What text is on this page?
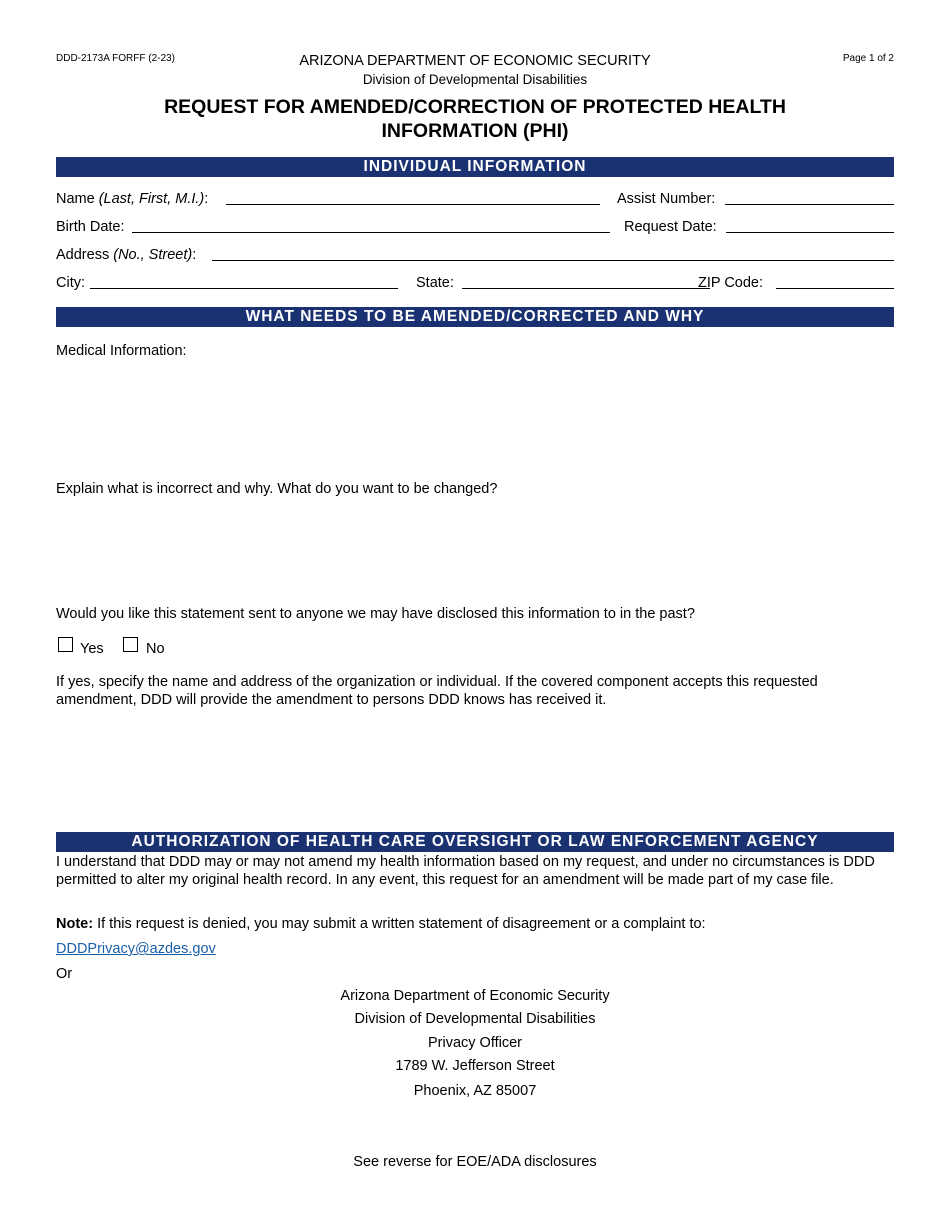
DDD-2173A FORFF (2-23)	Page 1 of 2
ARIZONA DEPARTMENT OF ECONOMIC SECURITY
Division of Developmental Disabilities
REQUEST FOR AMENDED/CORRECTION OF PROTECTED HEALTH
INFORMATION (PHI)
INDIVIDUAL INFORMATION
Name (Last, First, M.I.):	Assist Number:
Birth Date:	Request Date:
Address (No., Street):
City:	State:	ZIP Code:
WHAT NEEDS TO BE AMENDED/CORRECTED AND WHY
Medical Information:
Explain what is incorrect and why. What do you want to be changed?
Would you like this statement sent to anyone we may have disclosed this information to in the past?
Yes	No
If yes, specify the name and address of the organization or individual. If the covered component accepts this requested amendment, DDD will provide the amendment to persons DDD knows has received it.
AUTHORIZATION OF HEALTH CARE OVERSIGHT OR LAW ENFORCEMENT AGENCY
I understand that DDD may or may not amend my health information based on my request, and under no circumstances is DDD permitted to alter my original health record. In any event, this request for an amendment will be made part of my case file.
Note: If this request is denied, you may submit a written statement of disagreement or a complaint to:
DDDPrivacy@azdes.gov
Or
Arizona Department of Economic Security
Division of Developmental Disabilities
Privacy Officer
1789 W. Jefferson Street
Phoenix, AZ 85007
See reverse for EOE/ADA disclosures
